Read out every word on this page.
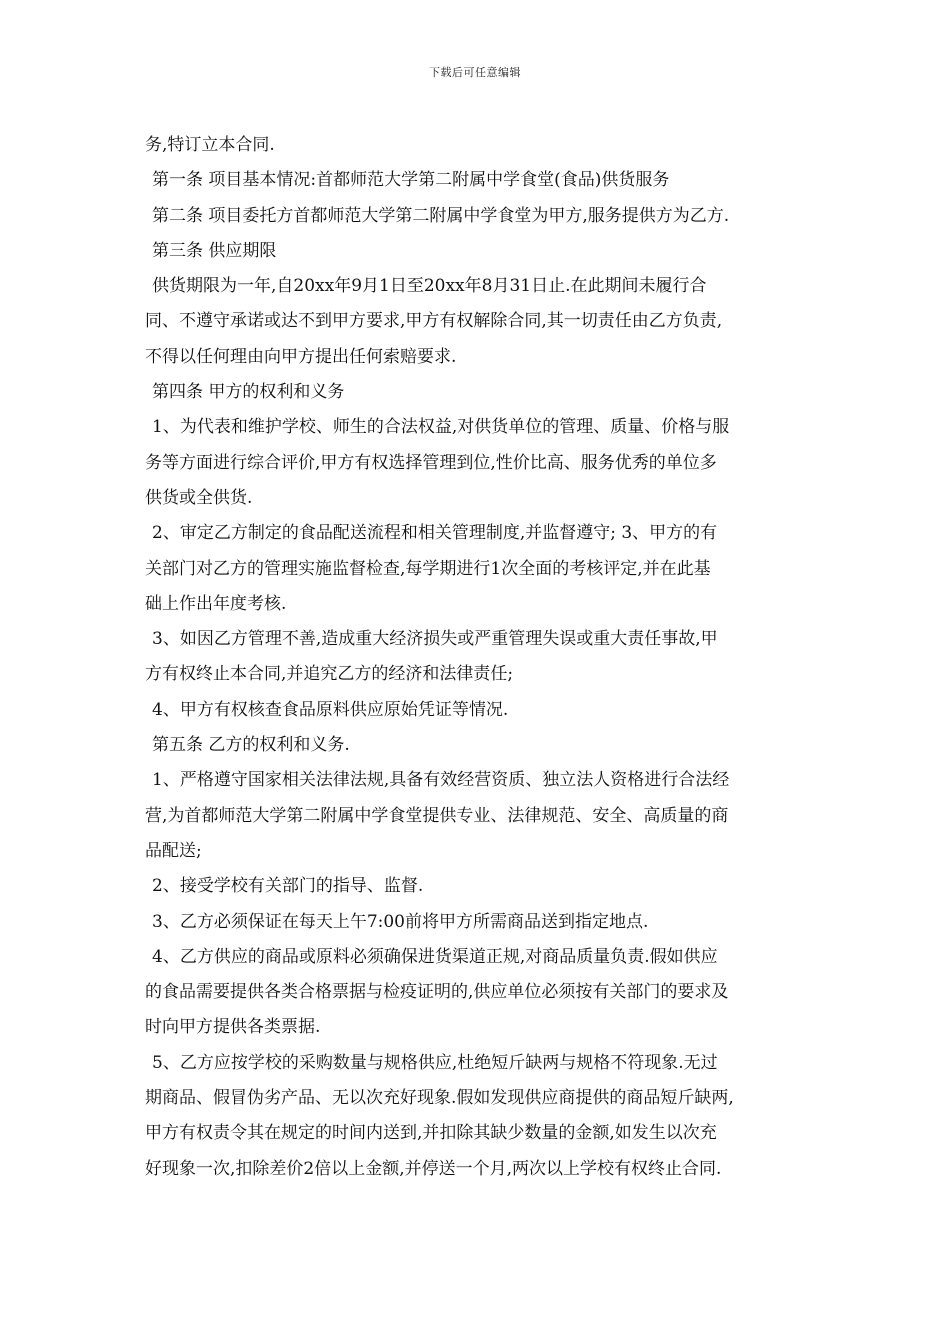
下载后可任意编辑
务,特订立本合同.
第一条 项目基本情况:首都师范大学第二附属中学食堂(食品)供货服务
第二条 项目委托方首都师范大学第二附属中学食堂为甲方,服务提供方为乙方.
第三条 供应期限
供货期限为一年,自20xx年9月1日至20xx年8月31日止.在此期间未履行合
同、不遵守承诺或达不到甲方要求,甲方有权解除合同,其一切责任由乙方负责,
不得以任何理由向甲方提出任何索赔要求.
第四条 甲方的权利和义务
1、为代表和维护学校、师生的合法权益,对供货单位的管理、质量、价格与服
务等方面进行综合评价,甲方有权选择管理到位,性价比高、服务优秀的单位多
供货或全供货.
2、审定乙方制定的食品配送流程和相关管理制度,并监督遵守; 3、甲方的有
关部门对乙方的管理实施监督检查,每学期进行1次全面的考核评定,并在此基
础上作出年度考核.
3、如因乙方管理不善,造成重大经济损失或严重管理失误或重大责任事故,甲
方有权终止本合同,并追究乙方的经济和法律责任;
4、甲方有权核查食品原料供应原始凭证等情况.
第五条 乙方的权利和义务.
1、严格遵守国家相关法律法规,具备有效经营资质、独立法人资格进行合法经
营,为首都师范大学第二附属中学食堂提供专业、法律规范、安全、高质量的商
品配送;
2、接受学校有关部门的指导、监督.
3、乙方必须保证在每天上午7:00前将甲方所需商品送到指定地点.
4、乙方供应的商品或原料必须确保进货渠道正规,对商品质量负责.假如供应
的食品需要提供各类合格票据与检疫证明的,供应单位必须按有关部门的要求及
时向甲方提供各类票据.
5、乙方应按学校的采购数量与规格供应,杜绝短斤缺两与规格不符现象.无过
期商品、假冒伪劣产品、无以次充好现象.假如发现供应商提供的商品短斤缺两,
甲方有权责令其在规定的时间内送到,并扣除其缺少数量的金额,如发生以次充
好现象一次,扣除差价2倍以上金额,并停送一个月,两次以上学校有权终止合同.
